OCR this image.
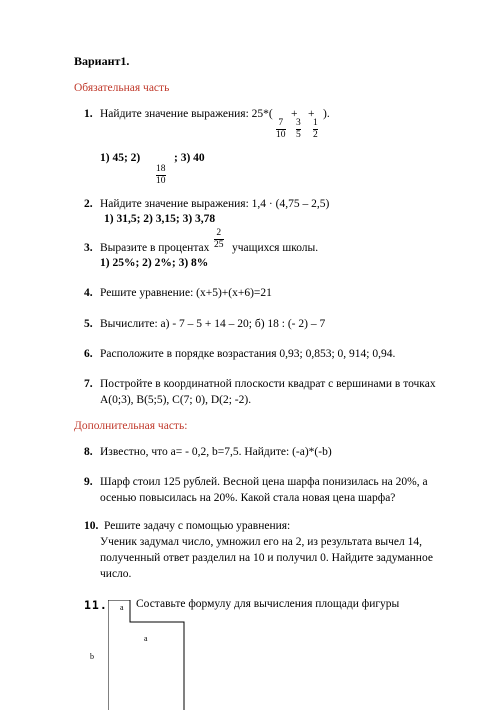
Вариант1.
Обязательная часть
1. Найдите значение выражения: 25*( + + ).
7
10
3
5
1
2
1) 45; 2)
18
10
; 3) 40
2. Найдите значение выражения: 1,4 · (4,75 – 2,5)
1) 31,5; 2) 3,15; 3) 3,78
3. Выразите в процентах
2
25 учащихся школы.
1) 25%; 2) 2%; 3) 8%
4. Решите уравнение: (x+5)+(x+6)=21
5. Вычислите: а) - 7 – 5 + 14 – 20; б) 18 : (- 2) – 7
6. Расположите в порядке возрастания 0,93; 0,853; 0, 914; 0,94.
7. Постройте в координатной плоскости квадрат с вершинами в точках
A(0;3), B(5;5), C(7; 0), D(2; -2).
Дополнительная часть:
8. Известно, что а= - 0,2, b=7,5. Найдите: (-a)*(-b)
9. Шарф стоил 125 рублей. Весной цена шарфа понизилась на 20%, а
осенью повысилась на 20%. Какой стала новая цена шарфа?
10. Решите задачу с помощью уравнения:
Ученик задумал число, умножил его на 2, из результата вычел 14,
полученный ответ разделил на 10 и получил 0. Найдите задуманное
число.
11. Составьте формулу для вычисления площади фигуры
a
a
b
